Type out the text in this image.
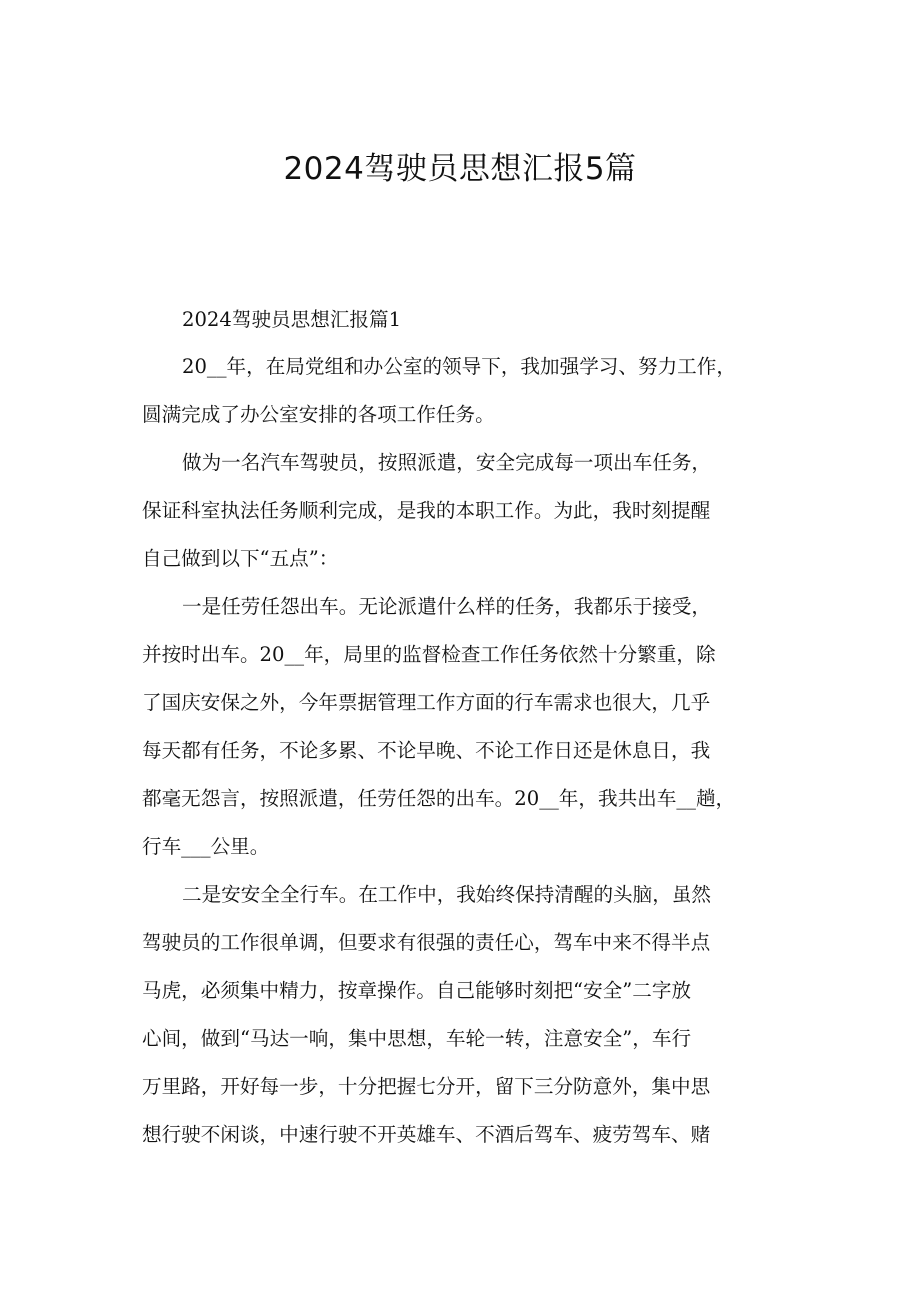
2024驾驶员思想汇报5篇

2024驾驶员思想汇报篇1

20__年，在局党组和办公室的领导下，我加强学习、努力工作，

圆满完成了办公室安排的各项工作任务。

做为一名汽车驾驶员，按照派遣，安全完成每一项出车任务，

保证科室执法任务顺利完成，是我的本职工作。为此，我时刻提醒

自己做到以下“五点”：

一是任劳任怨出车。无论派遣什么样的任务，我都乐于接受，

并按时出车。20__年，局里的监督检查工作任务依然十分繁重，除

了国庆安保之外，今年票据管理工作方面的行车需求也很大，几乎

每天都有任务，不论多累、不论早晚、不论工作日还是休息日，我

都毫无怨言，按照派遣，任劳任怨的出车。20__年，我共出车__趟，

行车___公里。

二是安安全全行车。在工作中，我始终保持清醒的头脑，虽然

驾驶员的工作很单调，但要求有很强的责任心，驾车中来不得半点

马虎，必须集中精力，按章操作。自己能够时刻把“安全”二字放

心间，做到“马达一响，集中思想，车轮一转，注意安全”，车行

万里路，开好每一步，十分把握七分开，留下三分防意外，集中思

想行驶不闲谈，中速行驶不开英雄车、不酒后驾车、疲劳驾车、赌
